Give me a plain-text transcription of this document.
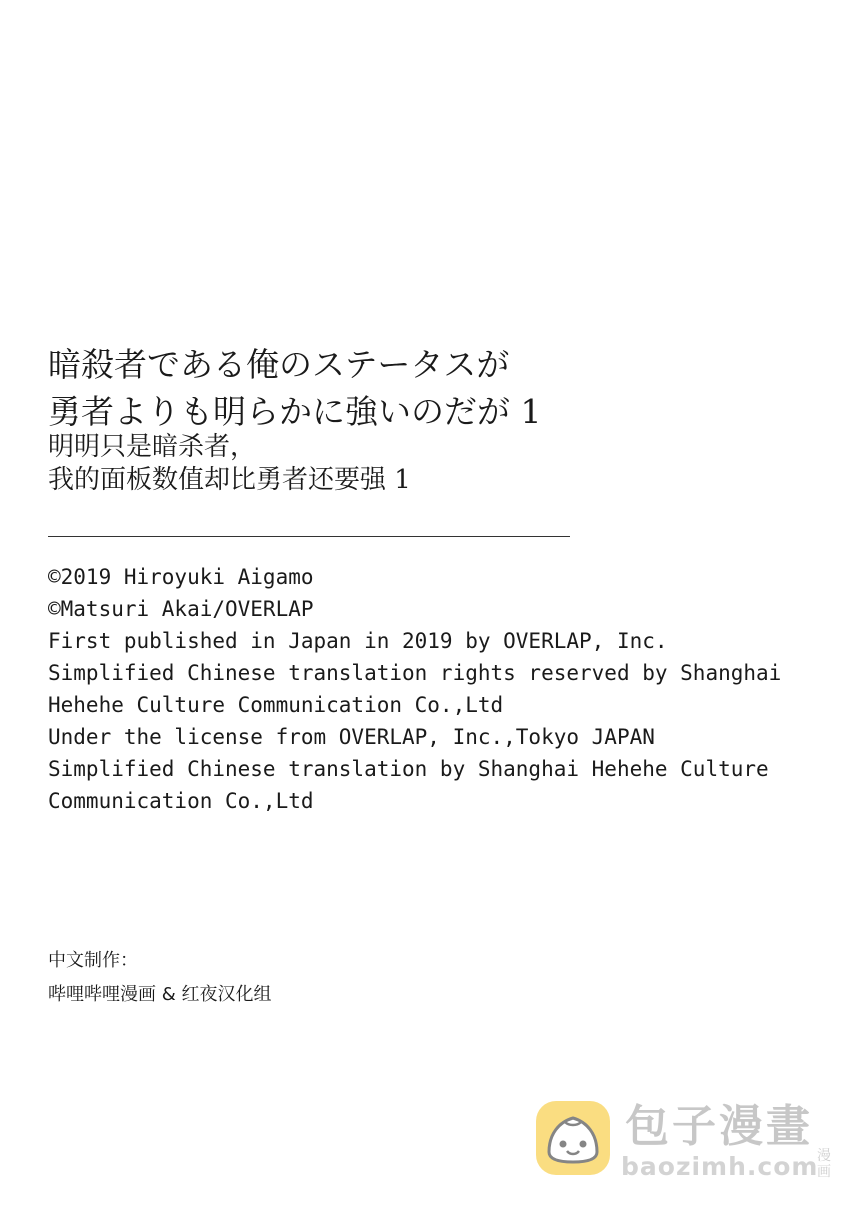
暗殺者である俺のステータスが
勇者よりも明らかに強いのだが 1
明明只是暗杀者，
我的面板数值却比勇者还要强 1
©2019 Hiroyuki Aigamo
©Matsuri Akai/OVERLAP
First published in Japan in 2019 by OVERLAP, Inc.
Simplified Chinese translation rights reserved by Shanghai
Hehehe Culture Communication Co.,Ltd
Under the license from OVERLAP, Inc.,Tokyo JAPAN
Simplified Chinese translation by Shanghai Hehehe Culture
Communication Co.,Ltd
中文制作：
哔哩哔哩漫画 & 红夜汉化组
包子漫畫
baozimh.com
漫画
